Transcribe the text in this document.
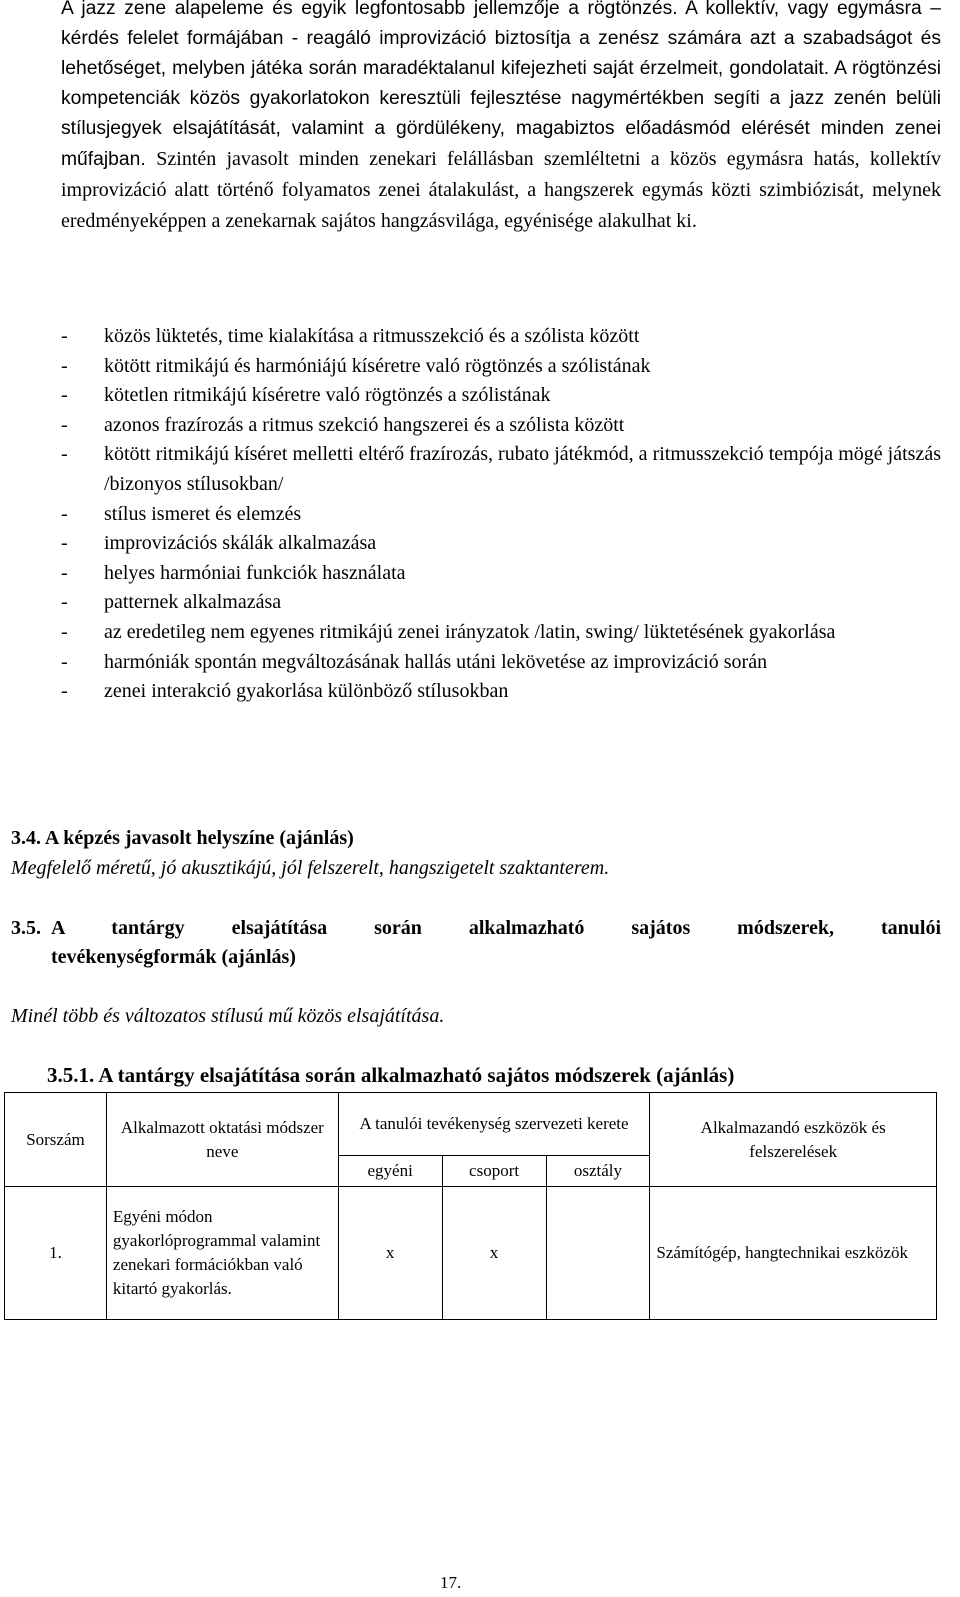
A jazz zene alapeleme és egyik legfontosabb jellemzője a rögtönzés. A kollektív, vagy egymásra – kérdés felelet formájában - reagáló improvizáció biztosítja a zenész számára azt a szabadságot és lehetőséget, melyben játéka során maradéktalanul kifejezheti saját érzelmeit, gondolatait. A rögtönzési kompetenciák közös gyakorlatokon keresztüli fejlesztése nagymértékben segíti a jazz zenén belüli stílusjegyek elsajátítását, valamint a gördülékeny, magabiztos előadásmód elérését minden zenei műfajban. Szintén javasolt minden zenekari felállásban szemléltetni a közös egymásra hatás, kollektív improvizáció alatt történő folyamatos zenei átalakulást, a hangszerek egymás közti szimbiózisát, melynek eredményeképpen a zenekarnak sajátos hangzásvilága, egyénisége alakulhat ki.

- közös lüktetés, time kialakítása a ritmusszekció és a szólista között
- kötött ritmikájú és harmóniájú kíséretre való rögtönzés a szólistának
- kötetlen ritmikájú kíséretre való rögtönzés a szólistának
- azonos frazírozás a ritmus szekció hangszerei és a szólista között
- kötött ritmikájú kíséret melletti eltérő frazírozás, rubato játékmód, a ritmusszekció tempója mögé játszás /bizonyos stílusokban/
- stílus ismeret és elemzés
- improvizációs skálák alkalmazása
- helyes harmóniai funkciók használata
- patternek alkalmazása
- az eredetileg nem egyenes ritmikájú zenei irányzatok /latin, swing/ lüktetésének gyakorlása
- harmóniák spontán megváltozásának hallás utáni lekövetése az improvizáció során
- zenei interakció gyakorlása különböző stílusokban

3.4. A képzés javasolt helyszíne (ajánlás)

Megfelelő méretű, jó akusztikájú, jól felszerelt, hangszigetelt szaktanterem.

3.5. A tantárgy elsajátítása során alkalmazható sajátos módszerek, tanulói
tevékenységformák (ajánlás)

Minél több és változatos stílusú mű közös elsajátítása.

3.5.1. A tantárgy elsajátítása során alkalmazható sajátos módszerek (ajánlás)

Sorszám	Alkalmazott oktatási módszer neve	A tanulói tevékenység szervezeti kerete			Alkalmazandó eszközök és felszerelések
		egyéni	csoport	osztály	
1.	Egyéni módon gyakorlóprogrammal valamint zenekari formációkban való kitartó gyakorlás.	x	x		Számítógép, hangtechnikai eszközök
17.
